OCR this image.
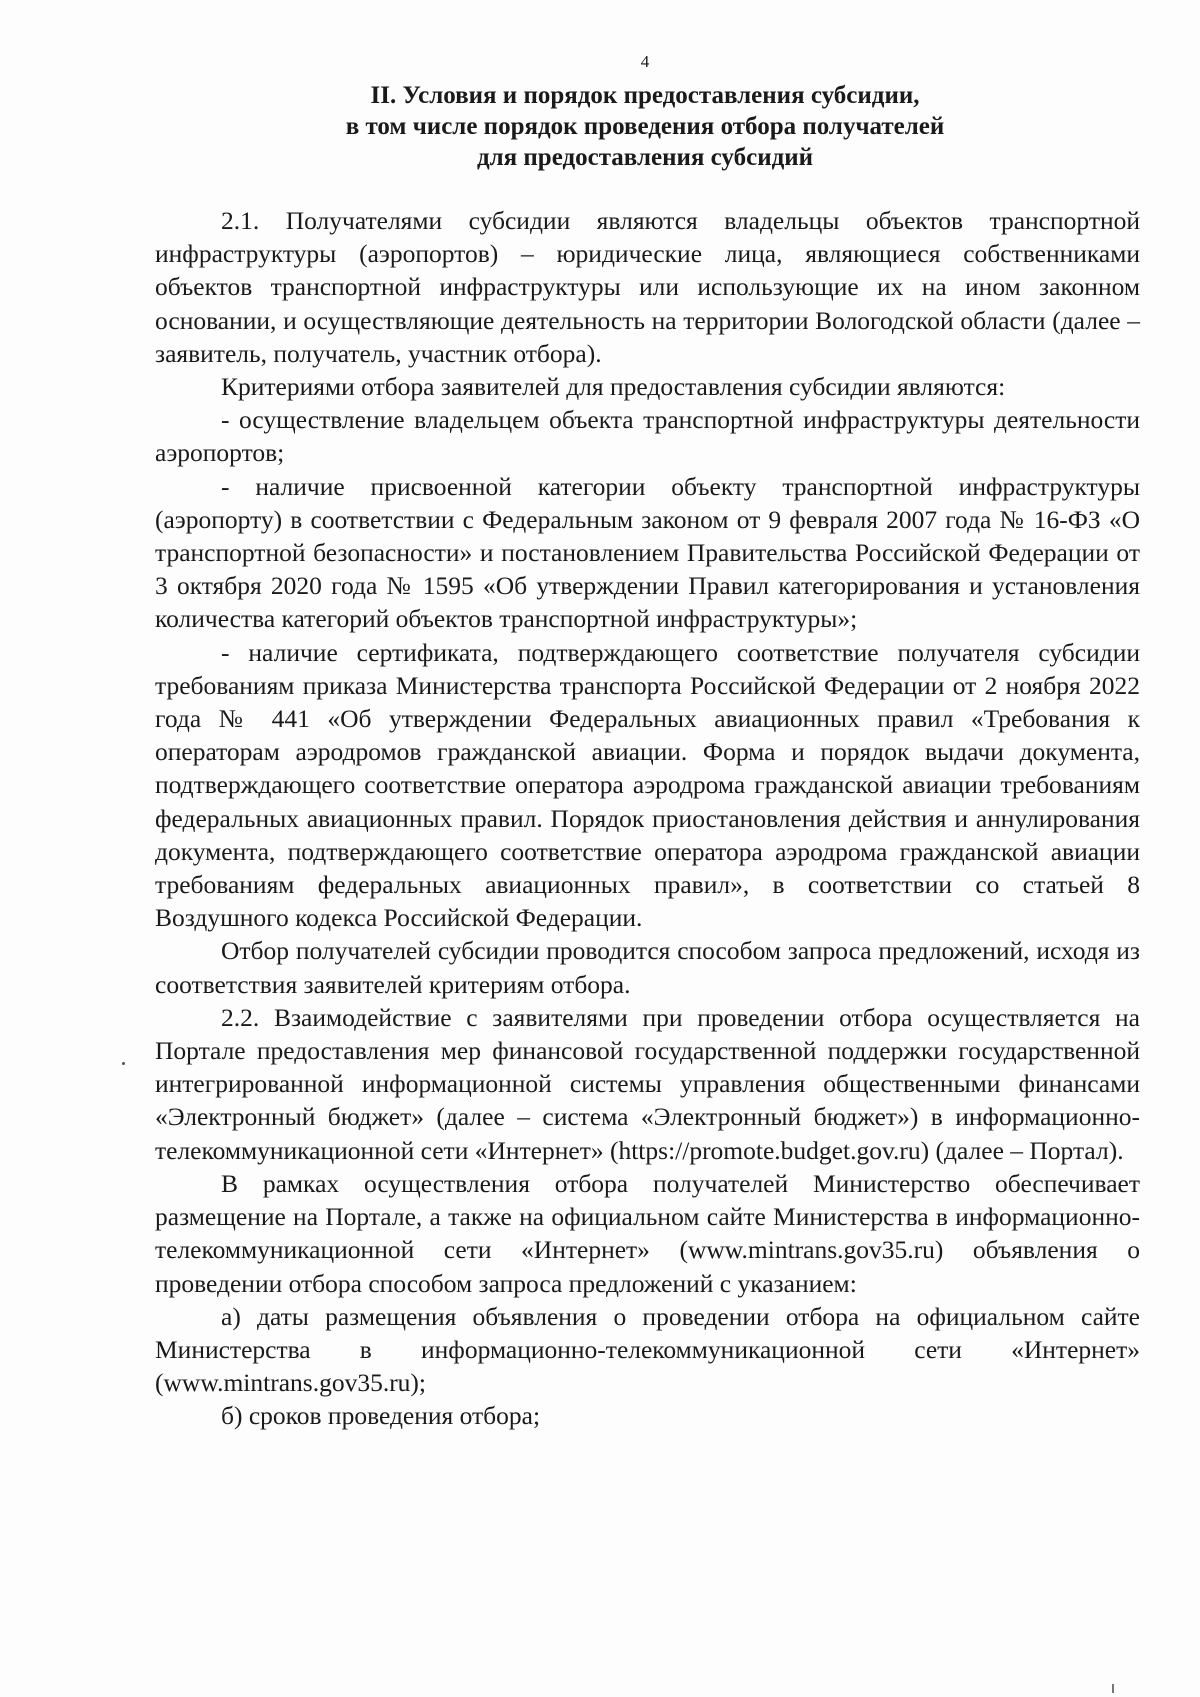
4
II. Условия и порядок предоставления субсидии,
в том числе порядок проведения отбора получателей
для предоставления субсидий

2.1. Получателями субсидии являются владельцы объектов транспортной инфраструктуры (аэропортов) – юридические лица, являющиеся собственниками объектов транспортной инфраструктуры или использующие их на ином законном основании, и осуществляющие деятельность на территории Вологодской области (далее – заявитель, получатель, участник отбора).

Критериями отбора заявителей для предоставления субсидии являются:

- осуществление владельцем объекта транспортной инфраструктуры деятельности аэропортов;

- наличие присвоенной категории объекту транспортной инфраструктуры (аэропорту) в соответствии с Федеральным законом от 9 февраля 2007 года № 16-ФЗ «О транспортной безопасности» и постановлением Правительства Российской Федерации от 3 октября 2020 года № 1595 «Об утверждении Правил категорирования и установления количества категорий объектов транспортной инфраструктуры»;

- наличие сертификата, подтверждающего соответствие получателя субсидии требованиям приказа Министерства транспорта Российской Федерации от 2 ноября 2022 года № 441 «Об утверждении Федеральных авиационных правил «Требования к операторам аэродромов гражданской авиации. Форма и порядок выдачи документа, подтверждающего соответствие оператора аэродрома гражданской авиации требованиям федеральных авиационных правил. Порядок приостановления действия и аннулирования документа, подтверждающего соответствие оператора аэродрома гражданской авиации требованиям федеральных авиационных правил», в соответствии со статьей 8 Воздушного кодекса Российской Федерации.

Отбор получателей субсидии проводится способом запроса предложений, исходя из соответствия заявителей критериям отбора.

2.2. Взаимодействие с заявителями при проведении отбора осуществляется на Портале предоставления мер финансовой государственной поддержки государственной интегрированной информационной системы управления общественными финансами «Электронный бюджет» (далее – система «Электронный бюджет») в информационно-телекоммуникационной сети «Интернет» (https://promote.budget.gov.ru) (далее – Портал).

В рамках осуществления отбора получателей Министерство обеспечивает размещение на Портале, а также на официальном сайте Министерства в информационно-телекоммуникационной сети «Интернет» (www.mintrans.gov35.ru) объявления о проведении отбора способом запроса предложений с указанием:

а) даты размещения объявления о проведении отбора на официальном сайте Министерства в информационно-телекоммуникационной сети «Интернет» (www.mintrans.gov35.ru);

б) сроков проведения отбора;
